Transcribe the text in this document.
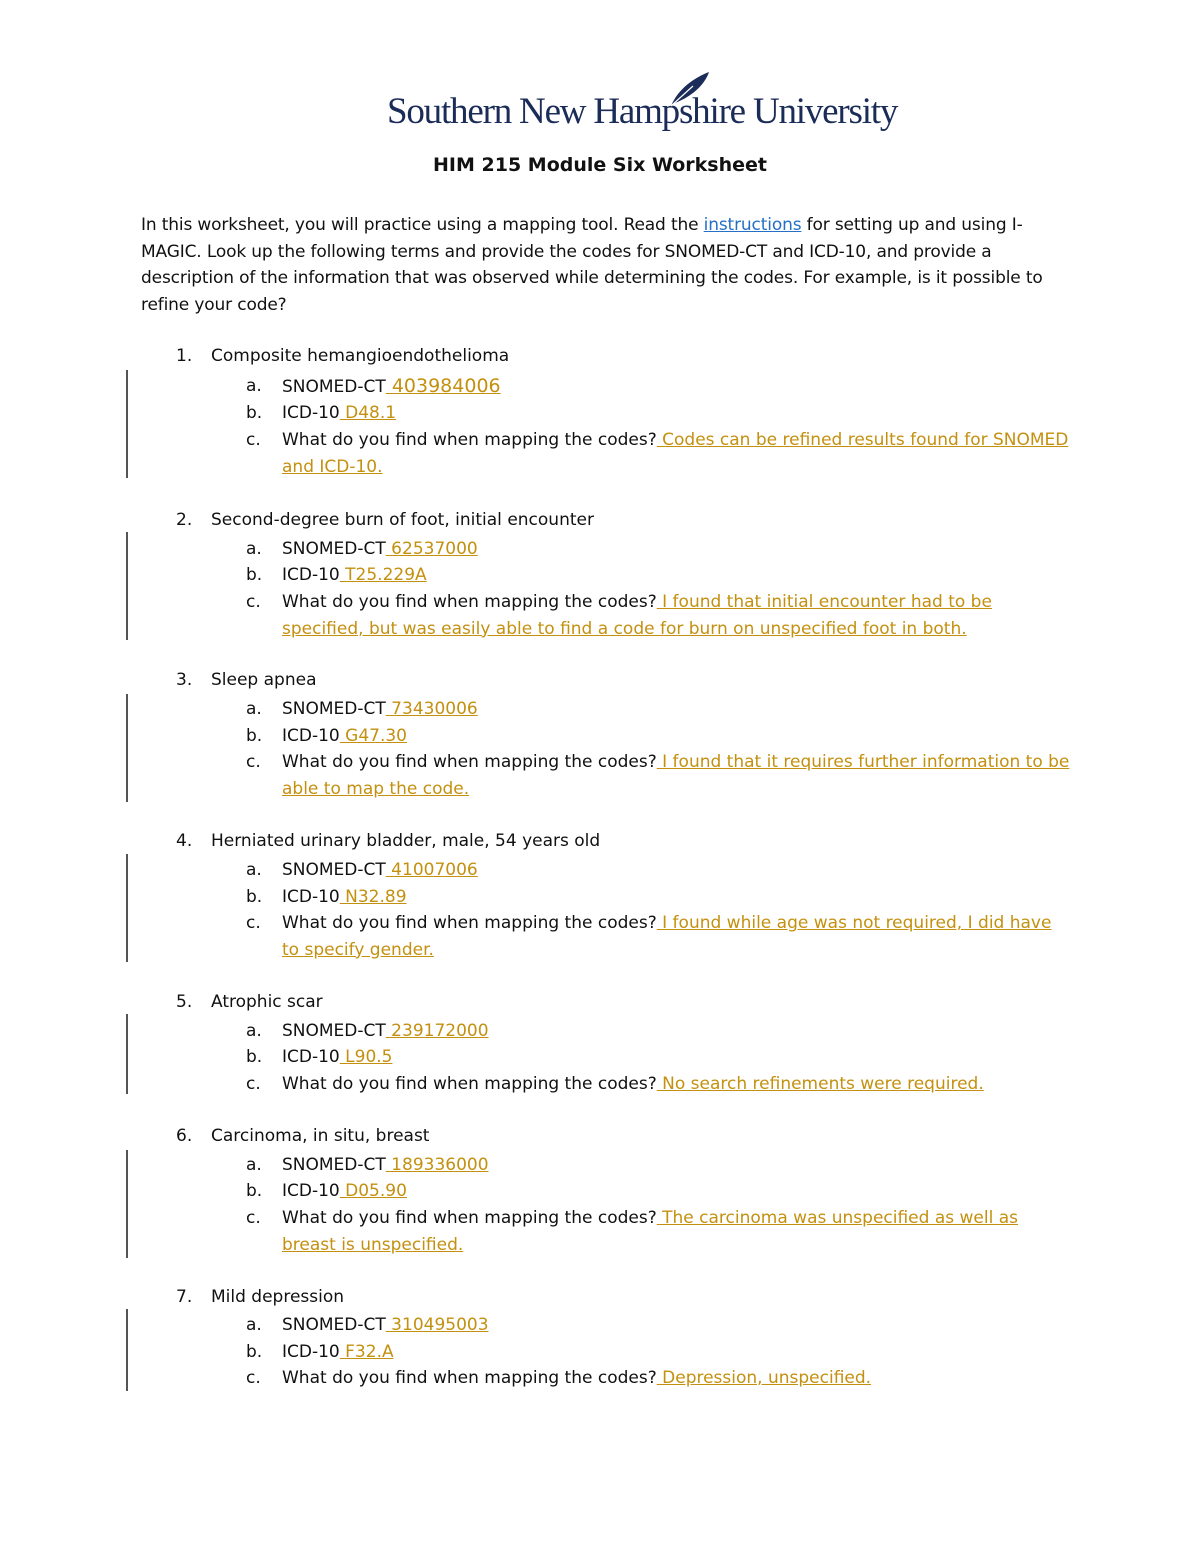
Southern New Hampshire University
HIM 215 Module Six Worksheet
In this worksheet, you will practice using a mapping tool. Read the instructions for setting up and using I-MAGIC. Look up the following terms and provide the codes for SNOMED-CT and ICD-10, and provide a description of the information that was observed while determining the codes. For example, is it possible to refine your code?
1. Composite hemangioendothelioma
a. SNOMED-CT 403984006
b. ICD-10 D48.1
c. What do you find when mapping the codes? Codes can be refined results found for SNOMED and ICD-10.
2. Second-degree burn of foot, initial encounter
a. SNOMED-CT 62537000
b. ICD-10 T25.229A
c. What do you find when mapping the codes? I found that initial encounter had to be specified, but was easily able to find a code for burn on unspecified foot in both.
3. Sleep apnea
a. SNOMED-CT 73430006
b. ICD-10 G47.30
c. What do you find when mapping the codes? I found that it requires further information to be able to map the code.
4. Herniated urinary bladder, male, 54 years old
a. SNOMED-CT 41007006
b. ICD-10 N32.89
c. What do you find when mapping the codes? I found while age was not required, I did have to specify gender.
5. Atrophic scar
a. SNOMED-CT 239172000
b. ICD-10 L90.5
c. What do you find when mapping the codes? No search refinements were required.
6. Carcinoma, in situ, breast
a. SNOMED-CT 189336000
b. ICD-10 D05.90
c. What do you find when mapping the codes? The carcinoma was unspecified as well as breast is unspecified.
7. Mild depression
a. SNOMED-CT 310495003
b. ICD-10 F32.A
c. What do you find when mapping the codes? Depression, unspecified.
